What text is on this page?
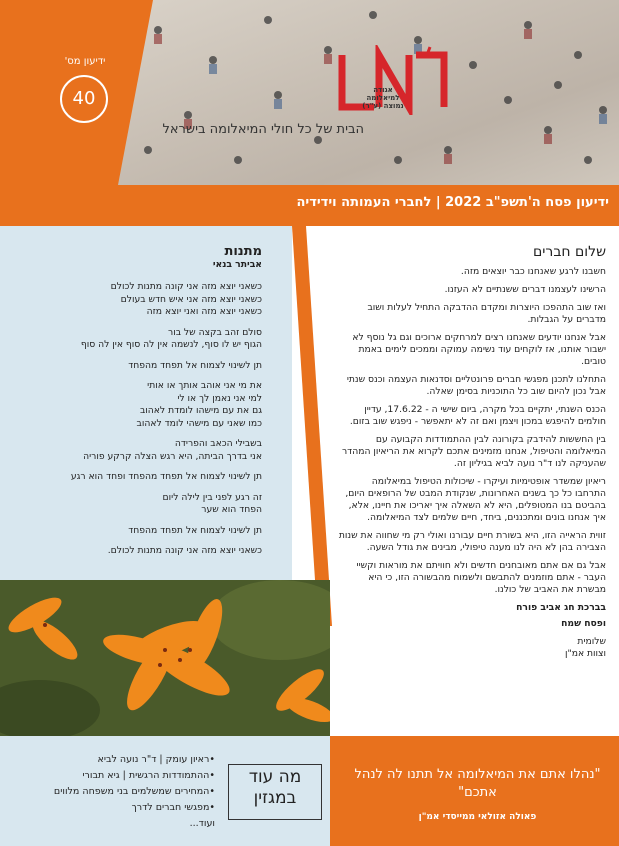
ידיעון מס'
40	אגודה למיאלומה נמוצה (ע"ר)
הבית של כל חולי המיאלומה בישראל
ידיעון פסח ה'תשפ"ב 2022 | לחברי העמותה וידידיה
מתנות
אביתר בנאי

כשאני יוצא מזה אני קונה מתנות לכולם
כשאני יוצא מזה אני איש חדש בעולם
כשאני יוצא מזה ואני יוצא מזה

סולם זהב בקצה של בור
הגוף יש לו סוף, לנשמה אין לה סוף אין לה סוף

תן לשינוי לצמוח אל תפחד מהפחד

את מי אני אוהב אותך או אותי
למי אני נאמן לך או לי
גם את עם מישהו לומדת לאהוב
כמו שאני עם מישהי לומד לאהוב

בשבילי הכאב והפרידה
אני בדרך הביתה, היא רגש הצלה קרקע פוריה

תן לשינוי לצמוח אל תפחד מהפחד ופחד הוא רגע

זה רגע לפני בין לילה ליום
הפחד הוא שער

תן לשינוי לצמוח אל תפחד מהפחד

כשאני יוצא מזה אני קונה מתנות לכולם.

שלום חברים

חשבנו לרגע שאנחנו כבר יוצאים מזה.

הרשינו לעצמנו דברים ששנתיים לא העזנו.

ואז שוב התהפכו היוצרות ומקדם ההדבקה התחיל לעלות ושוב מדברים על הגבלות.

אבל אנחנו יודעים שאנחנו רצים למרחקים ארוכים וגם גל נוסף לא ישבור אותנו, אז לוקחים עוד נשימה עמוקה וממכים לימים באמת טובים.

התחלנו לתכנן מפגשי חברים פרונטליים וסדנאות העצמה וכנס שנתי אבל נכון להיום שוב כל התוכניות בסימן שאלה.

הכנס השנתי, יתקיים בכל מקרה, ביום שישי ה - 17.6.22, עדיין חולמים להיפגש במכון ויצמן ואם זה לא יתאפשר - ניפגש שוב בזום.

בין החששות להידבק בקורונה לבין ההתמודדות הקבועה עם המיאלומה והטיפול, אנחנו מזמינים אתכם לקרוא את הריאיון המהדר שהעניקה לנו ד"ר נועה לביא בגיליון זה.

ריאיון שמשדר אופטימיות ועיקרו - שיכולות הטיפול במיאלומה התרחבו כל כך בשנים האחרונות, שנקודת המבט של הרופאים היום, בהביטם בנו המטופלים, היא לא השאלה איך יאריכו את חיינו, אלא, איך אנחנו בונים ומתכננים, ביחד, חיים שלמים לצד המיאלומה.

זווית הראייה הזו, היא בשורת חיים עבורנו ואולי רק מי שחווה את שנות הצבירה בהן לא היה לנו מענה טיפולי, מבינים את גודל השעה.

אבל גם אם אתם מאובחנים חדשים ולא חוויתם את מוראות וקשיי העבר - אתם מוזמנים להתבשם ולשמוח מהבשורה הזו, כי היא מבשרת את האביב של כולנו.

בברכת חג אביב פורח
ופסח שמח
שלומית
וצוות אמ"ן
מה עוד
במגזין
•ראיון עומק | ד"ר נועה לביא
•ההתמודדות הרגשית | גיא תבורי
•המחירים שמשלמים בני משפחה מלווים
•מפגשי חברים לדרך
ועוד...
"נהלו אתם את המיאלומה אל תתנו לה לנהל אתכם"
פאולה אזולאי ממייסדי אמ"ן
